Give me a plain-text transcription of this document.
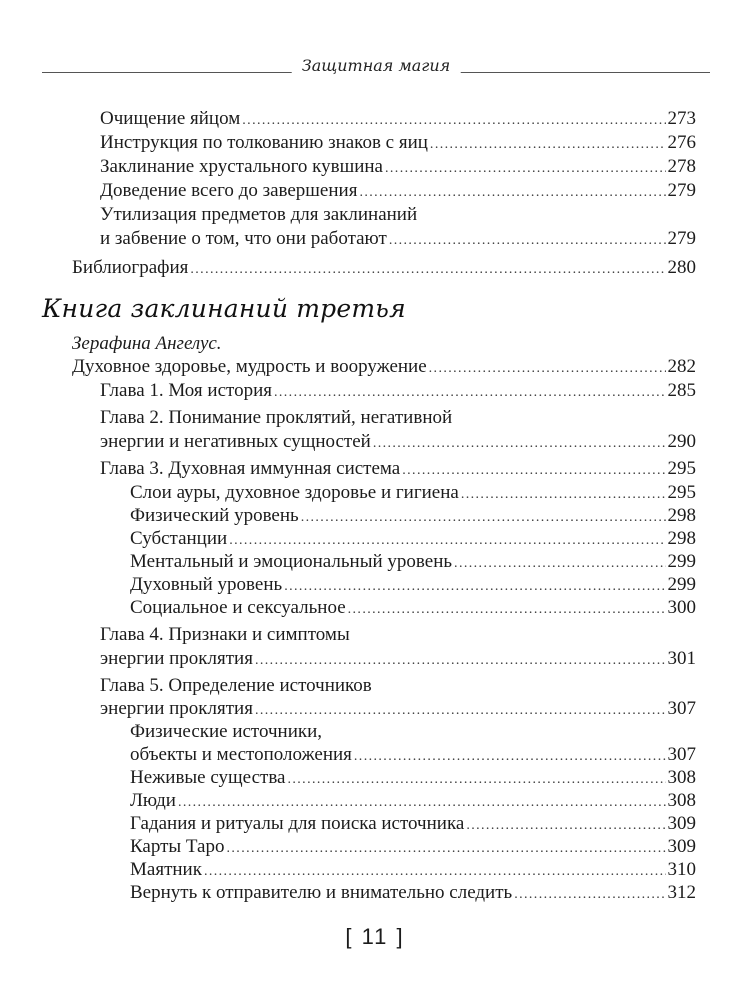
Защитная магия
Очищение яйцом .....	273
Инструкция по толкованию знаков с яиц .....	276
Заклинание хрустального кувшина .....	278
Доведение всего до завершения .....	279
Утилизация предметов для заклинаний
и забвение о том, что они работают .....	279
Библиография .....	280
Книга заклинаний третья
Зерафина Ангелус.
Духовное здоровье, мудрость и вооружение .....	282
Глава 1. Моя история .....	285
Глава 2. Понимание проклятий, негативной
энергии и негативных сущностей .....	290
Глава 3. Духовная иммунная система .....	295
Слои ауры, духовное здоровье и гигиена .....	295
Физический уровень .....	298
Субстанции .....	298
Ментальный и эмоциональный уровень .....	299
Духовный уровень .....	299
Социальное и сексуальное .....	300
Глава 4. Признаки и симптомы
энергии проклятия .....	301
Глава 5. Определение источников
энергии проклятия .....	307
Физические источники,
объекты и местоположения .....	307
Неживые существа .....	308
Люди .....	308
Гадания и ритуалы для поиска источника .....	309
Карты Таро .....	309
Маятник .....	310
Вернуть к отправителю и внимательно следить .....	312
[ 11 ]
